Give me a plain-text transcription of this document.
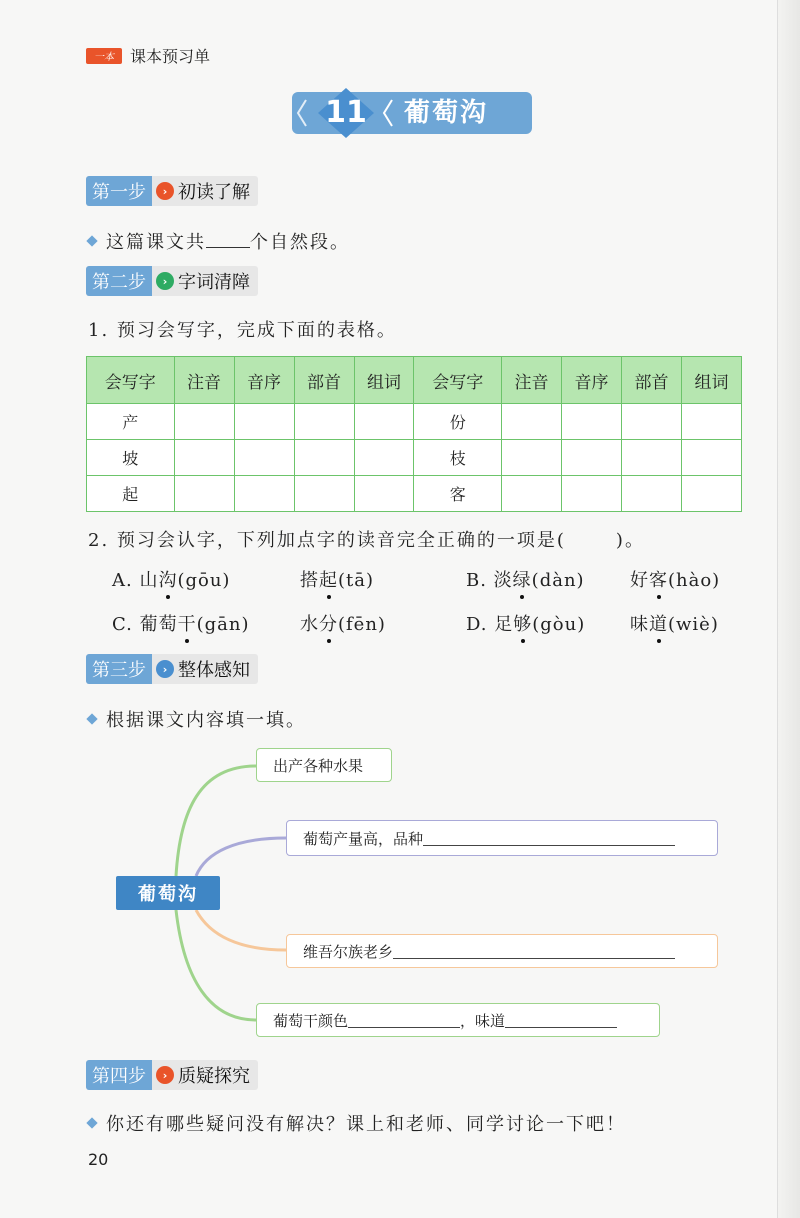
一本	课本预习单
11 葡萄沟
第一步	› 初读了解
这篇课文共 个自然段。
第二步	› 字词清障
1. 预习会写字，完成下面的表格。
会写字	注音	音序	部首	组词	会写字	注音	音序	部首	组词
产					份				
坡					枝				
起					客				
2. 预习会认字，下列加点字的读音完全正确的一项是(	)。
A. 山沟(gōu)	搭起(tā)	B. 淡绿(dàn)	好客(hào)
C. 葡萄干(gān)	水分(fēn)	D. 足够(gòu) 味道(wiè)
第三步	› 整体感知
根据课文内容填一填。
葡萄沟
出产各种水果
葡萄产量高，品种
维吾尔族老乡
葡萄干颜色	，味道
第四步	› 质疑探究
你还有哪些疑问没有解决？课上和老师、同学讨论一下吧！
20
